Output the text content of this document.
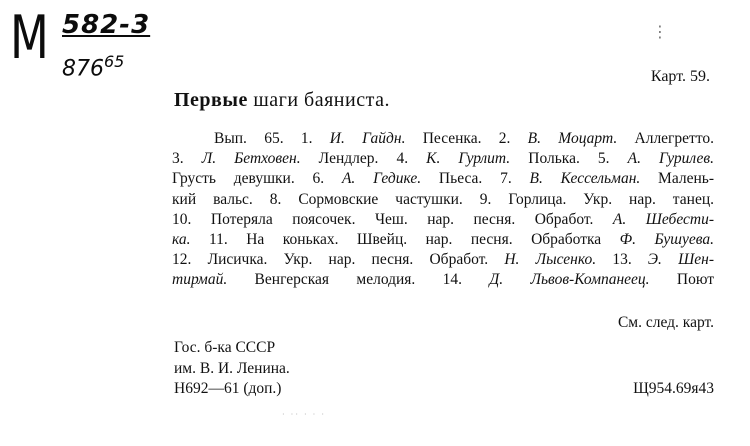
М 582-3
$876^{65}$
⋮
Карт. 59.
Первые шаги баяниста.
Вып. 65. 1. И. Гайдн. Песенка. 2. В. Моцарт. Аллегретто.
3. Л. Бетховен. Лендлер. 4. К. Гурлит. Полька. 5. А. Гурилев.
Грусть девушки. 6. А. Гедике. Пьеса. 7. В. Кессельман. Малень-
кий вальс. 8. Сормовские частушки. 9. Горлица. Укр. нар. танец.
10. Потеряла поясочек. Чеш. нар. песня. Обработ. А. Шебести-
ка. 11. На коньках. Швейц. нар. песня. Обработка Ф. Бушуева.
12. Лисичка. Укр. нар. песня. Обработ. Н. Лысенко. 13. Э. Шен-
тирмай. Венгерская мелодия. 14. Д. Львов-Компанеец. Поют
См. след. карт.
Гос. б-ка СССР
им. В. И. Ленина.
Н692—61 (доп.)	Щ954.69я43
· ·· · · ·
